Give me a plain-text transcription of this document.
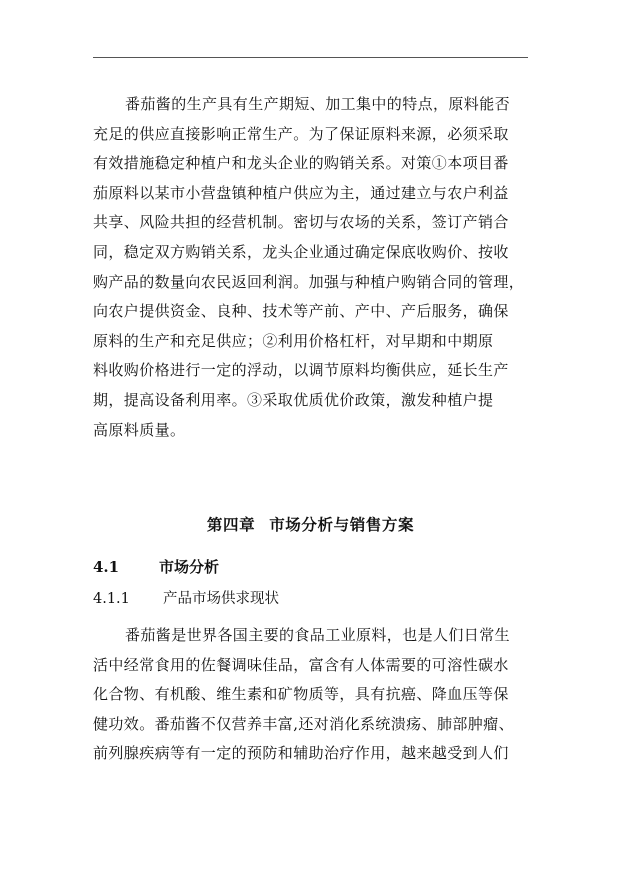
番茄酱的生产具有生产期短、加工集中的特点，原料能否
充足的供应直接影响正常生产。为了保证原料来源，必须采取
有效措施稳定种植户和龙头企业的购销关系。对策①本项目番
茄原料以某市小营盘镇种植户供应为主，通过建立与农户利益
共享、风险共担的经营机制。密切与农场的关系，签订产销合
同，稳定双方购销关系，龙头企业通过确定保底收购价、按收
购产品的数量向农民返回利润。加强与种植户购销合同的管理，
向农户提供资金、良种、技术等产前、产中、产后服务，确保
原料的生产和充足供应；②利用价格杠杆，对早期和中期原
料收购价格进行一定的浮动，以调节原料均衡供应，延长生产
期，提高设备利用率。③采取优质优价政策，激发种植户提
高原料质量。
第四章 市场分析与销售方案
4.1	市场分析
4.1.1 产品市场供求现状
番茄酱是世界各国主要的食品工业原料，也是人们日常生
活中经常食用的佐餐调味佳品，富含有人体需要的可溶性碳水
化合物、有机酸、维生素和矿物质等，具有抗癌、降血压等保
健功效。番茄酱不仅营养丰富,还对消化系统溃疡、肺部肿瘤、
前列腺疾病等有一定的预防和辅助治疗作用，越来越受到人们
